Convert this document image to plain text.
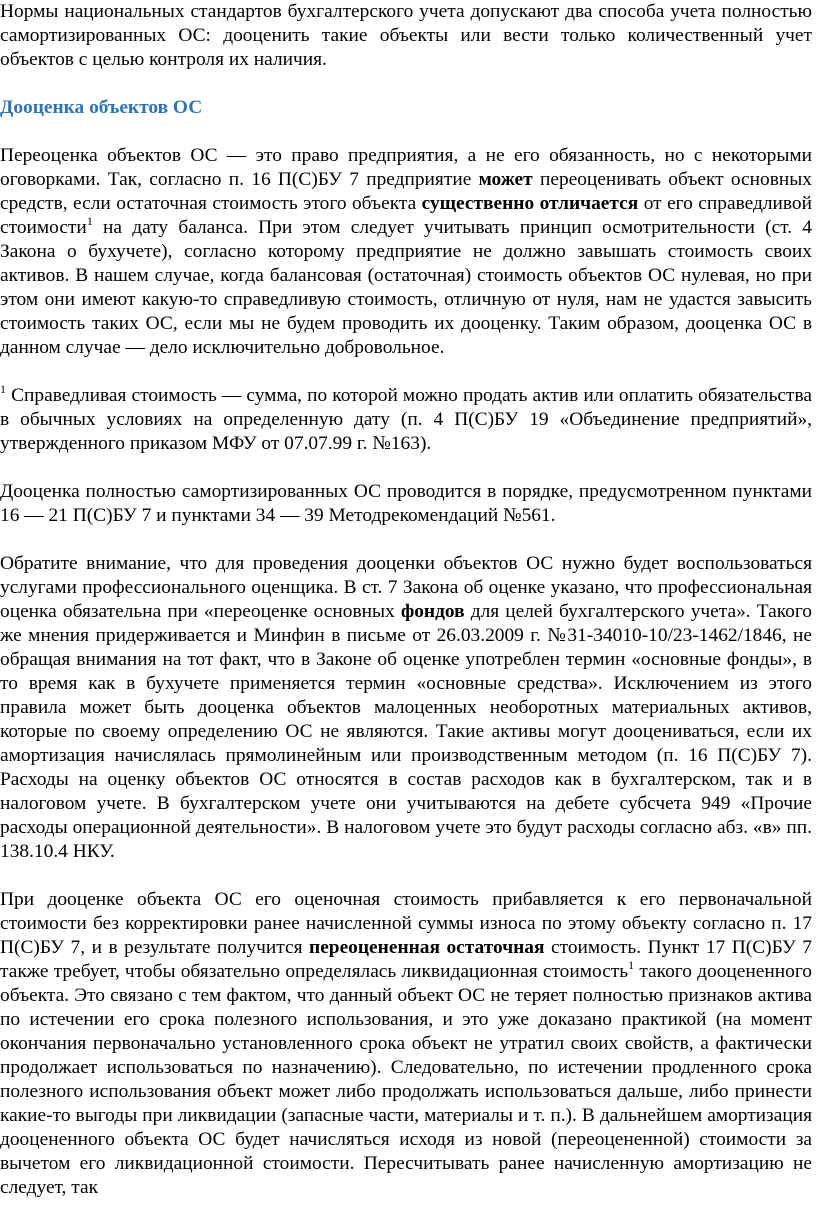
Нормы национальных стандартов бухгалтерского учета допускают два способа учета полностью самортизированных ОС: дооценить такие объекты или вести только количественный учет объектов с целью контроля их наличия.

Дооценка объектов ОС

Переоценка объектов ОС — это право предприятия, а не его обязанность, но с некоторыми оговорками. Так, согласно п. 16 П(С)БУ 7 предприятие может переоценивать объект основных средств, если остаточная стоимость этого объекта существенно отличается от его справедливой стоимости$^1$ на дату баланса. При этом следует учитывать принцип осмотрительности (ст. 4 Закона о бухучете), согласно которому предприятие не должно завышать стоимость своих активов. В нашем случае, когда балансовая (остаточная) стоимость объектов ОС нулевая, но при этом они имеют какую-то справедливую стоимость, отличную от нуля, нам не удастся завысить стоимость таких ОС, если мы не будем проводить их дооценку. Таким образом, дооценка ОС в данном случае — дело исключительно добровольное.

$^1$ Справедливая стоимость — сумма, по которой можно продать актив или оплатить обязательства в обычных условиях на определенную дату (п. 4 П(С)БУ 19 «Объединение предприятий», утвержденного приказом МФУ от 07.07.99 г. №163).

Дооценка полностью самортизированных ОС проводится в порядке, предусмотренном пунктами 16 — 21 П(С)БУ 7 и пунктами 34 — 39 Методрекомендаций №561.

Обратите внимание, что для проведения дооценки объектов ОС нужно будет воспользоваться услугами профессионального оценщика. В ст. 7 Закона об оценке указано, что профессиональная оценка обязательна при «переоценке основных фондов для целей бухгалтерского учета». Такого же мнения придерживается и Минфин в письме от 26.03.2009 г. №31-34010-10/23-1462/1846, не обращая внимания на тот факт, что в Законе об оценке употреблен термин «основные фонды», в то время как в бухучете применяется термин «основные средства». Исключением из этого правила может быть дооценка объектов малоценных необоротных материальных активов, которые по своему определению ОС не являются. Такие активы могут дооцениваться, если их амортизация начислялась прямолинейным или производственным методом (п. 16 П(С)БУ 7). Расходы на оценку объектов ОС относятся в состав расходов как в бухгалтерском, так и в налоговом учете. В бухгалтерском учете они учитываются на дебете субсчета 949 «Прочие расходы операционной деятельности». В налоговом учете это будут расходы согласно абз. «в» пп. 138.10.4 НКУ.

При дооценке объекта ОС его оценочная стоимость прибавляется к его первоначальной стоимости без корректировки ранее начисленной суммы износа по этому объекту согласно п. 17 П(С)БУ 7, и в результате получится переоцененная остаточная стоимость. Пункт 17 П(С)БУ 7 также требует, чтобы обязательно определялась ликвидационная стоимость$^1$ такого дооцененного объекта. Это связано с тем фактом, что данный объект ОС не теряет полностью признаков актива по истечении его срока полезного использования, и это уже доказано практикой (на момент окончания первоначально установленного срока объект не утратил своих свойств, а фактически продолжает использоваться по назначению). Следовательно, по истечении продленного срока полезного использования объект может либо продолжать использоваться дальше, либо принести какие-то выгоды при ликвидации (запасные части, материалы и т. п.). В дальнейшем амортизация дооцененного объекта ОС будет начисляться исходя из новой (переоцененной) стоимости за вычетом его ликвидационной стоимости. Пересчитывать ранее начисленную амортизацию не следует, так
